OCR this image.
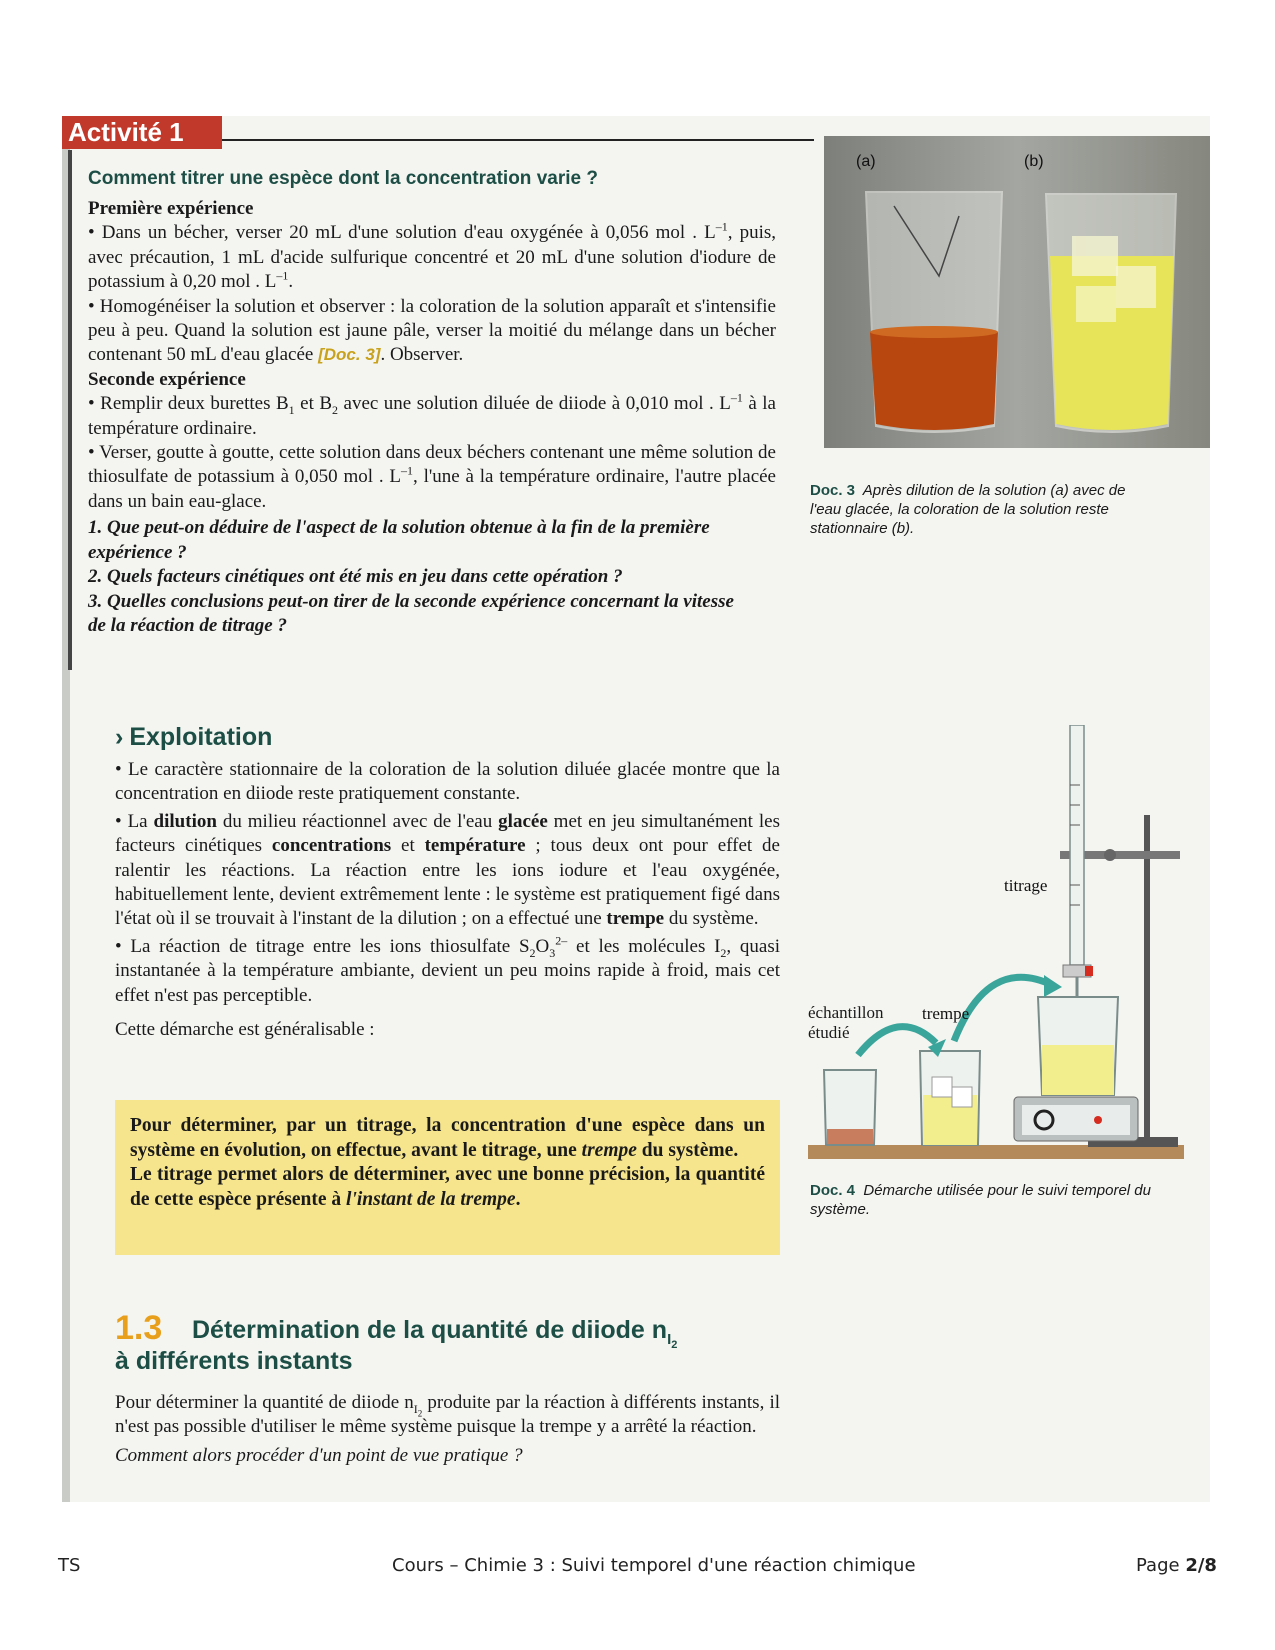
Activité 1
Comment titrer une espèce dont la concentration varie ?

Première expérience

• Dans un bécher, verser 20 mL d'une solution d'eau oxygénée à 0,056 mol . $L^{-1}$, puis, avec précaution, 1 mL d'acide sulfurique concentré et 20 mL d'une solution d'iodure de potassium à 0,20 mol . $L^{-1}$.

• Homogénéiser la solution et observer : la coloration de la solution apparaît et s'intensifie peu à peu. Quand la solution est jaune pâle, verser la moitié du mélange dans un bécher contenant 50 mL d'eau glacée [Doc. 3]. Observer.

Seconde expérience

• Remplir deux burettes $B_1$ et $B_2$ avec une solution diluée de diiode à 0,010 mol . $L^{-1}$ à la température ordinaire.

• Verser, goutte à goutte, cette solution dans deux béchers contenant une même solution de thiosulfate de potassium à 0,050 mol . $L^{-1}$, l'une à la température ordinaire, l'autre placée dans un bain eau-glace.

1. Que peut-on déduire de l'aspect de la solution obtenue à la fin de la première expérience ?

2. Quels facteurs cinétiques ont été mis en jeu dans cette opération ?

3. Quelles conclusions peut-on tirer de la seconde expérience concernant la vitesse de la réaction de titrage ?

› Exploitation

• Le caractère stationnaire de la coloration de la solution diluée glacée montre que la concentration en diiode reste pratiquement constante.

• La dilution du milieu réactionnel avec de l'eau glacée met en jeu simultanément les facteurs cinétiques concentrations et température ; tous deux ont pour effet de ralentir les réactions. La réaction entre les ions iodure et l'eau oxygénée, habituellement lente, devient extrêmement lente : le système est pratiquement figé dans l'état où il se trouvait à l'instant de la dilution ; on a effectué une trempe du système.

• La réaction de titrage entre les ions thiosulfate $S_2O_3^{2-}$ et les molécules $I_2$, quasi instantanée à la température ambiante, devient un peu moins rapide à froid, mais cet effet n'est pas perceptible.

Cette démarche est généralisable :

Pour déterminer, par un titrage, la concentration d'une espèce dans un système en évolution, on effectue, avant le titrage, une trempe du système.

Le titrage permet alors de déterminer, avec une bonne précision, la quantité de cette espèce présente à l'instant de la trempe.

1.3 Détermination de la quantité de diiode $n_{I_2}$
à différents instants

Pour déterminer la quantité de diiode $n_{I_2}$ produite par la réaction à différents instants, il n'est pas possible d'utiliser le même système puisque la trempe y a arrêté la réaction.

Comment alors procéder d'un point de vue pratique ?

(a)	(b)
Doc. 3 Après dilution de la solution (a) avec de l'eau glacée, la coloration de la solution reste stationnaire (b).
titrage
trempe
échantillon étudié
Doc. 4 Démarche utilisée pour le suivi temporel du système.
TS	Cours – Chimie 3 : Suivi temporel d'une réaction chimique	Page 2/8
